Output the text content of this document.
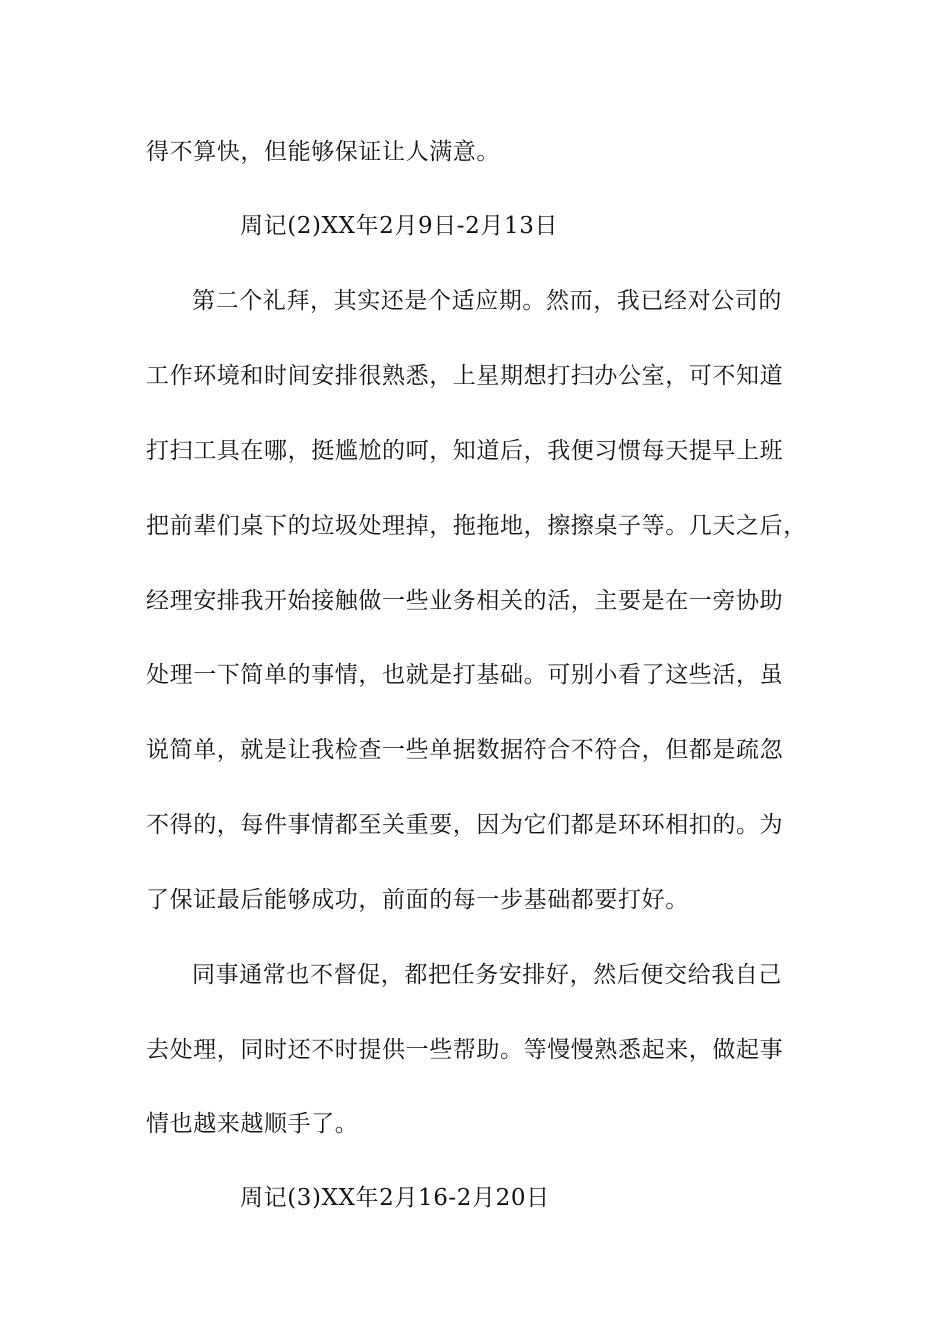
得不算快，但能够保证让人满意。
周记(2)XX年2月9日-2月13日
第二个礼拜，其实还是个适应期。然而，我已经对公司的
工作环境和时间安排很熟悉，上星期想打扫办公室，可不知道
打扫工具在哪，挺尴尬的呵，知道后，我便习惯每天提早上班
把前辈们桌下的垃圾处理掉，拖拖地，擦擦桌子等。几天之后，
经理安排我开始接触做一些业务相关的活，主要是在一旁协助
处理一下简单的事情，也就是打基础。可别小看了这些活，虽
说简单，就是让我检查一些单据数据符合不符合，但都是疏忽
不得的，每件事情都至关重要，因为它们都是环环相扣的。为
了保证最后能够成功，前面的每一步基础都要打好。
同事通常也不督促，都把任务安排好，然后便交给我自己
去处理，同时还不时提供一些帮助。等慢慢熟悉起来，做起事
情也越来越顺手了。
周记(3)XX年2月16-2月20日
